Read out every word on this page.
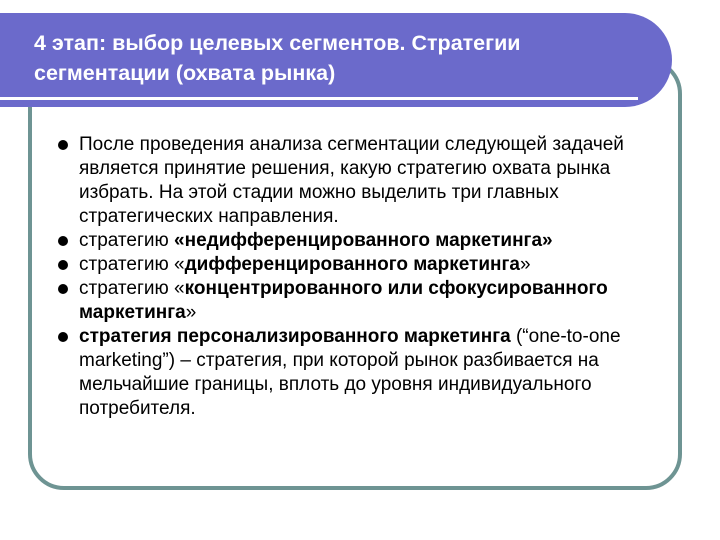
4 этап: выбор целевых сегментов. Стратегии сегментации (охвата рынка)
После проведения анализа сегментации следующей задачей является принятие решения, какую стратегию охвата рынка избрать. На этой стадии можно выделить три главных стратегических направления.
стратегию «недифференцированного маркетинга»
стратегию «дифференцированного маркетинга»
стратегию «концентрированного или сфокусированного маркетинга»
стратегия персонализированного маркетинга (“one-to-one marketing”) – стратегия, при которой рынок разбивается на мельчайшие границы, вплоть до уровня индивидуального потребителя.
